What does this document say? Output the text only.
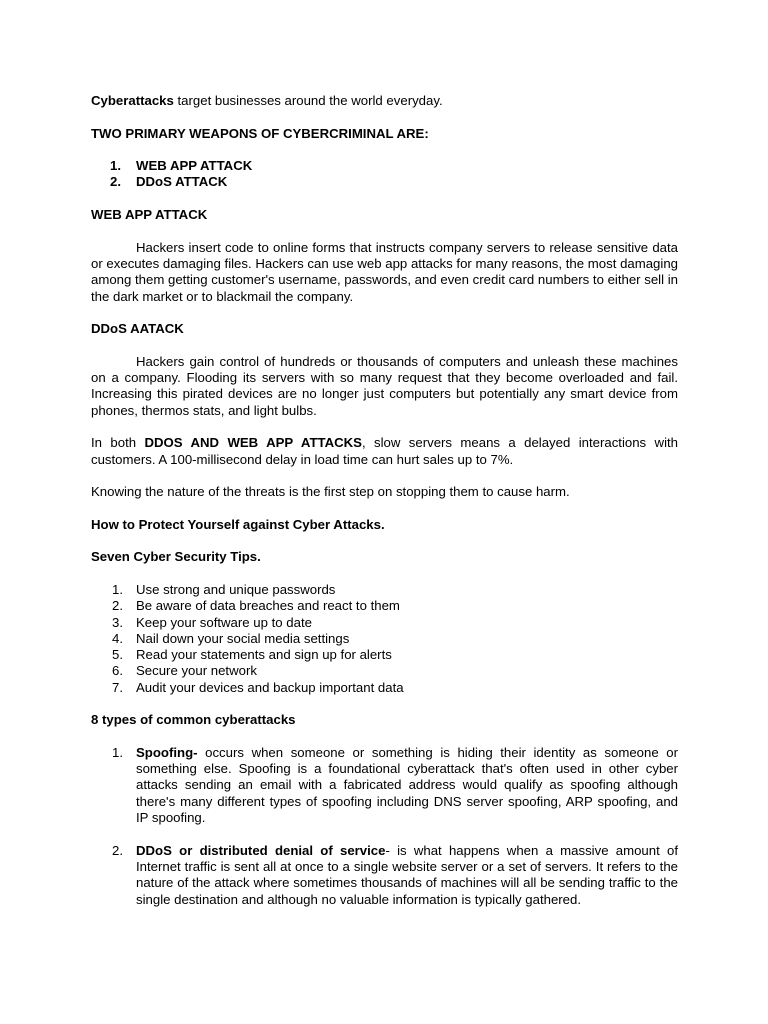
Cyberattacks target businesses around the world everyday.

TWO PRIMARY WEAPONS OF CYBERCRIMINAL ARE:

1. WEB APP ATTACK
2. DDoS ATTACK

WEB APP ATTACK

Hackers insert code to online forms that instructs company servers to release sensitive data or executes damaging files. Hackers can use web app attacks for many reasons, the most damaging among them getting customer's username, passwords, and even credit card numbers to either sell in the dark market or to blackmail the company.

DDoS AATACK

Hackers gain control of hundreds or thousands of computers and unleash these machines on a company. Flooding its servers with so many request that they become overloaded and fail. Increasing this pirated devices are no longer just computers but potentially any smart device from phones, thermos stats, and light bulbs.

In both DDOS AND WEB APP ATTACKS, slow servers means a delayed interactions with customers. A 100-millisecond delay in load time can hurt sales up to 7%.

Knowing the nature of the threats is the first step on stopping them to cause harm.

How to Protect Yourself against Cyber Attacks.

Seven Cyber Security Tips.

1. Use strong and unique passwords
2. Be aware of data breaches and react to them
3. Keep your software up to date
4. Nail down your social media settings
5. Read your statements and sign up for alerts
6. Secure your network
7. Audit your devices and backup important data

8 types of common cyberattacks

1. Spoofing- occurs when someone or something is hiding their identity as someone or something else. Spoofing is a foundational cyberattack that's often used in other cyber attacks sending an email with a fabricated address would qualify as spoofing although there's many different types of spoofing including DNS server spoofing, ARP spoofing, and IP spoofing.
2. DDoS or distributed denial of service- is what happens when a massive amount of Internet traffic is sent all at once to a single website server or a set of servers. It refers to the nature of the attack where sometimes thousands of machines will all be sending traffic to the single destination and although no valuable information is typically gathered.
